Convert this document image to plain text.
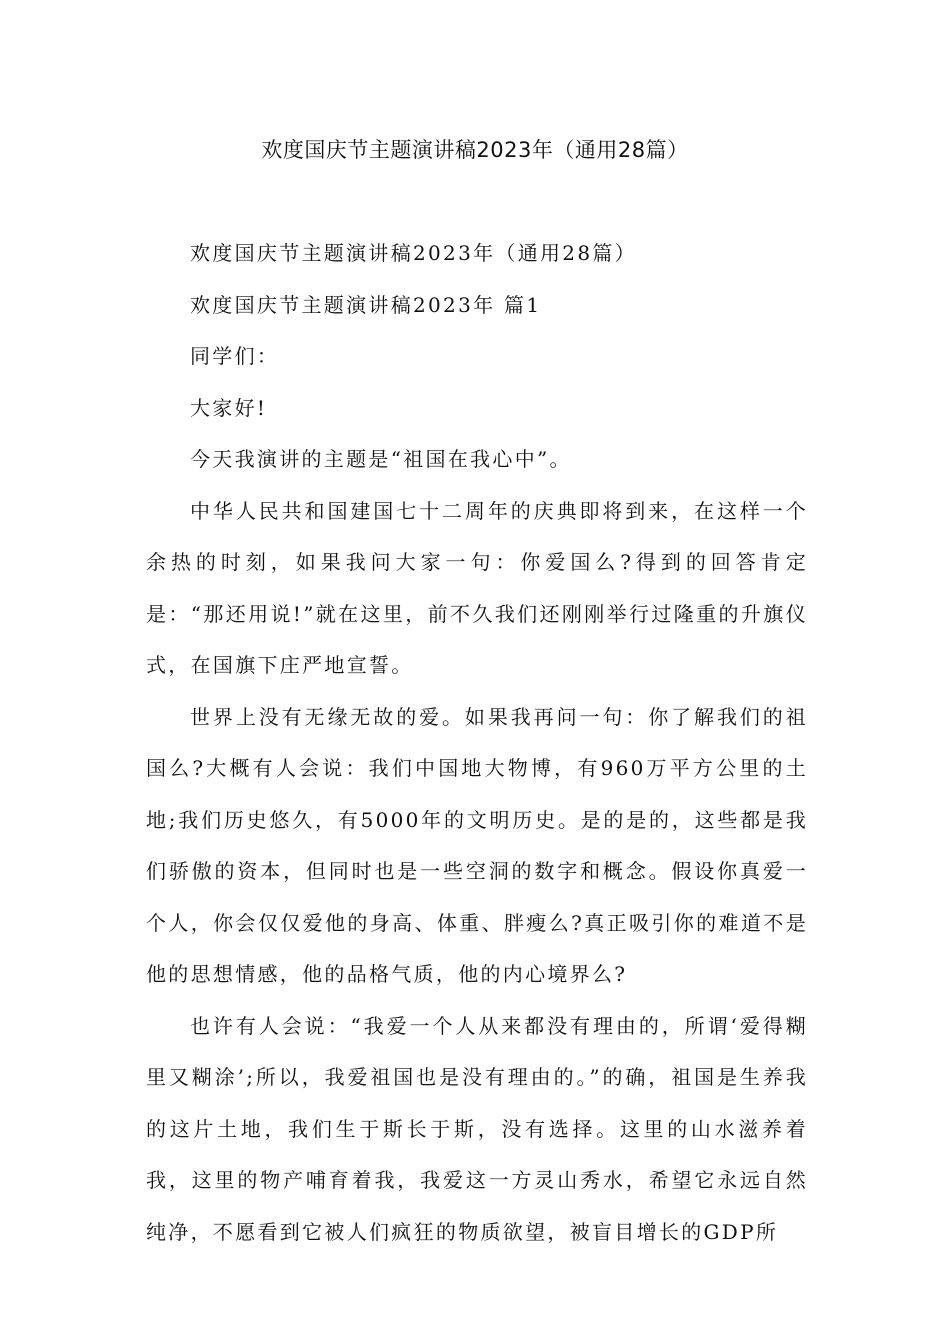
欢度国庆节主题演讲稿2023年（通用28篇）

欢度国庆节主题演讲稿2023年（通用28篇）

欢度国庆节主题演讲稿2023年 篇1

同学们：

大家好!

今天我演讲的主题是“祖国在我心中”。

中华人民共和国建国七十二周年的庆典即将到来，在这样一个余热的时刻，如果我问大家一句：你爱国么?得到的回答肯定是：“那还用说!”就在这里，前不久我们还刚刚举行过隆重的升旗仪式，在国旗下庄严地宣誓。

世界上没有无缘无故的爱。如果我再问一句：你了解我们的祖国么?大概有人会说：我们中国地大物博，有960万平方公里的土地;我们历史悠久，有5000年的文明历史。是的是的，这些都是我们骄傲的资本，但同时也是一些空洞的数字和概念。假设你真爱一个人，你会仅仅爱他的身高、体重、胖瘦么?真正吸引你的难道不是他的思想情感，他的品格气质，他的内心境界么?

也许有人会说：“我爱一个人从来都没有理由的，所谓‘爱得糊里又糊涂’;所以，我爱祖国也是没有理由的。”的确，祖国是生养我的这片土地，我们生于斯长于斯，没有选择。这里的山水滋养着我，这里的物产哺育着我，我爱这一方灵山秀水，希望它永远自然纯净，不愿看到它被人们疯狂的物质欲望，被盲目增长的GDP所
